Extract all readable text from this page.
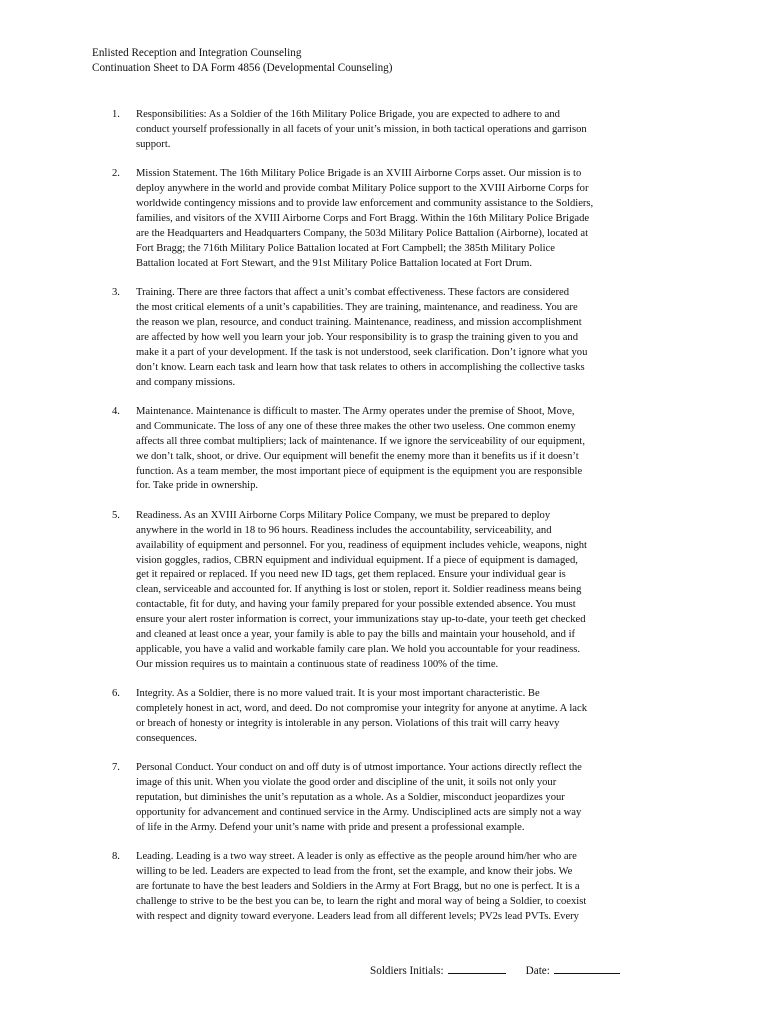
Enlisted Reception and Integration Counseling
Continuation Sheet to DA Form 4856 (Developmental Counseling)
1. Responsibilities: As a Soldier of the 16th Military Police Brigade, you are expected to adhere to and
conduct yourself professionally in all facets of your unit’s mission, in both tactical operations and garrison
support.
2. Mission Statement. The 16th Military Police Brigade is an XVIII Airborne Corps asset. Our mission is to
deploy anywhere in the world and provide combat Military Police support to the XVIII Airborne Corps for
worldwide contingency missions and to provide law enforcement and community assistance to the Soldiers,
families, and visitors of the XVIII Airborne Corps and Fort Bragg. Within the 16th Military Police Brigade
are the Headquarters and Headquarters Company, the 503d Military Police Battalion (Airborne), located at
Fort Bragg; the 716th Military Police Battalion located at Fort Campbell; the 385th Military Police
Battalion located at Fort Stewart, and the 91st Military Police Battalion located at Fort Drum.
3. Training. There are three factors that affect a unit’s combat effectiveness. These factors are considered
the most critical elements of a unit’s capabilities. They are training, maintenance, and readiness. You are
the reason we plan, resource, and conduct training. Maintenance, readiness, and mission accomplishment
are affected by how well you learn your job. Your responsibility is to grasp the training given to you and
make it a part of your development. If the task is not understood, seek clarification. Don’t ignore what you
don’t know. Learn each task and learn how that task relates to others in accomplishing the collective tasks
and company missions.
4. Maintenance. Maintenance is difficult to master. The Army operates under the premise of Shoot, Move,
and Communicate. The loss of any one of these three makes the other two useless. One common enemy
affects all three combat multipliers; lack of maintenance. If we ignore the serviceability of our equipment,
we don’t talk, shoot, or drive. Our equipment will benefit the enemy more than it benefits us if it doesn’t
function. As a team member, the most important piece of equipment is the equipment you are responsible
for. Take pride in ownership.
5. Readiness. As an XVIII Airborne Corps Military Police Company, we must be prepared to deploy
anywhere in the world in 18 to 96 hours. Readiness includes the accountability, serviceability, and
availability of equipment and personnel. For you, readiness of equipment includes vehicle, weapons, night
vision goggles, radios, CBRN equipment and individual equipment. If a piece of equipment is damaged,
get it repaired or replaced. If you need new ID tags, get them replaced. Ensure your individual gear is
clean, serviceable and accounted for. If anything is lost or stolen, report it. Soldier readiness means being
contactable, fit for duty, and having your family prepared for your possible extended absence. You must
ensure your alert roster information is correct, your immunizations stay up-to-date, your teeth get checked
and cleaned at least once a year, your family is able to pay the bills and maintain your household, and if
applicable, you have a valid and workable family care plan. We hold you accountable for your readiness.
Our mission requires us to maintain a continuous state of readiness 100% of the time.
6. Integrity. As a Soldier, there is no more valued trait. It is your most important characteristic. Be
completely honest in act, word, and deed. Do not compromise your integrity for anyone at anytime. A lack
or breach of honesty or integrity is intolerable in any person. Violations of this trait will carry heavy
consequences.
7. Personal Conduct. Your conduct on and off duty is of utmost importance. Your actions directly reflect the
image of this unit. When you violate the good order and discipline of the unit, it soils not only your
reputation, but diminishes the unit’s reputation as a whole. As a Soldier, misconduct jeopardizes your
opportunity for advancement and continued service in the Army. Undisciplined acts are simply not a way
of life in the Army. Defend your unit’s name with pride and present a professional example.
8. Leading. Leading is a two way street. A leader is only as effective as the people around him/her who are
willing to be led. Leaders are expected to lead from the front, set the example, and know their jobs. We
are fortunate to have the best leaders and Soldiers in the Army at Fort Bragg, but no one is perfect. It is a
challenge to strive to be the best you can be, to learn the right and moral way of being a Soldier, to coexist
with respect and dignity toward everyone. Leaders lead from all different levels; PV2s lead PVTs. Every
Soldiers Initials:	Date:
